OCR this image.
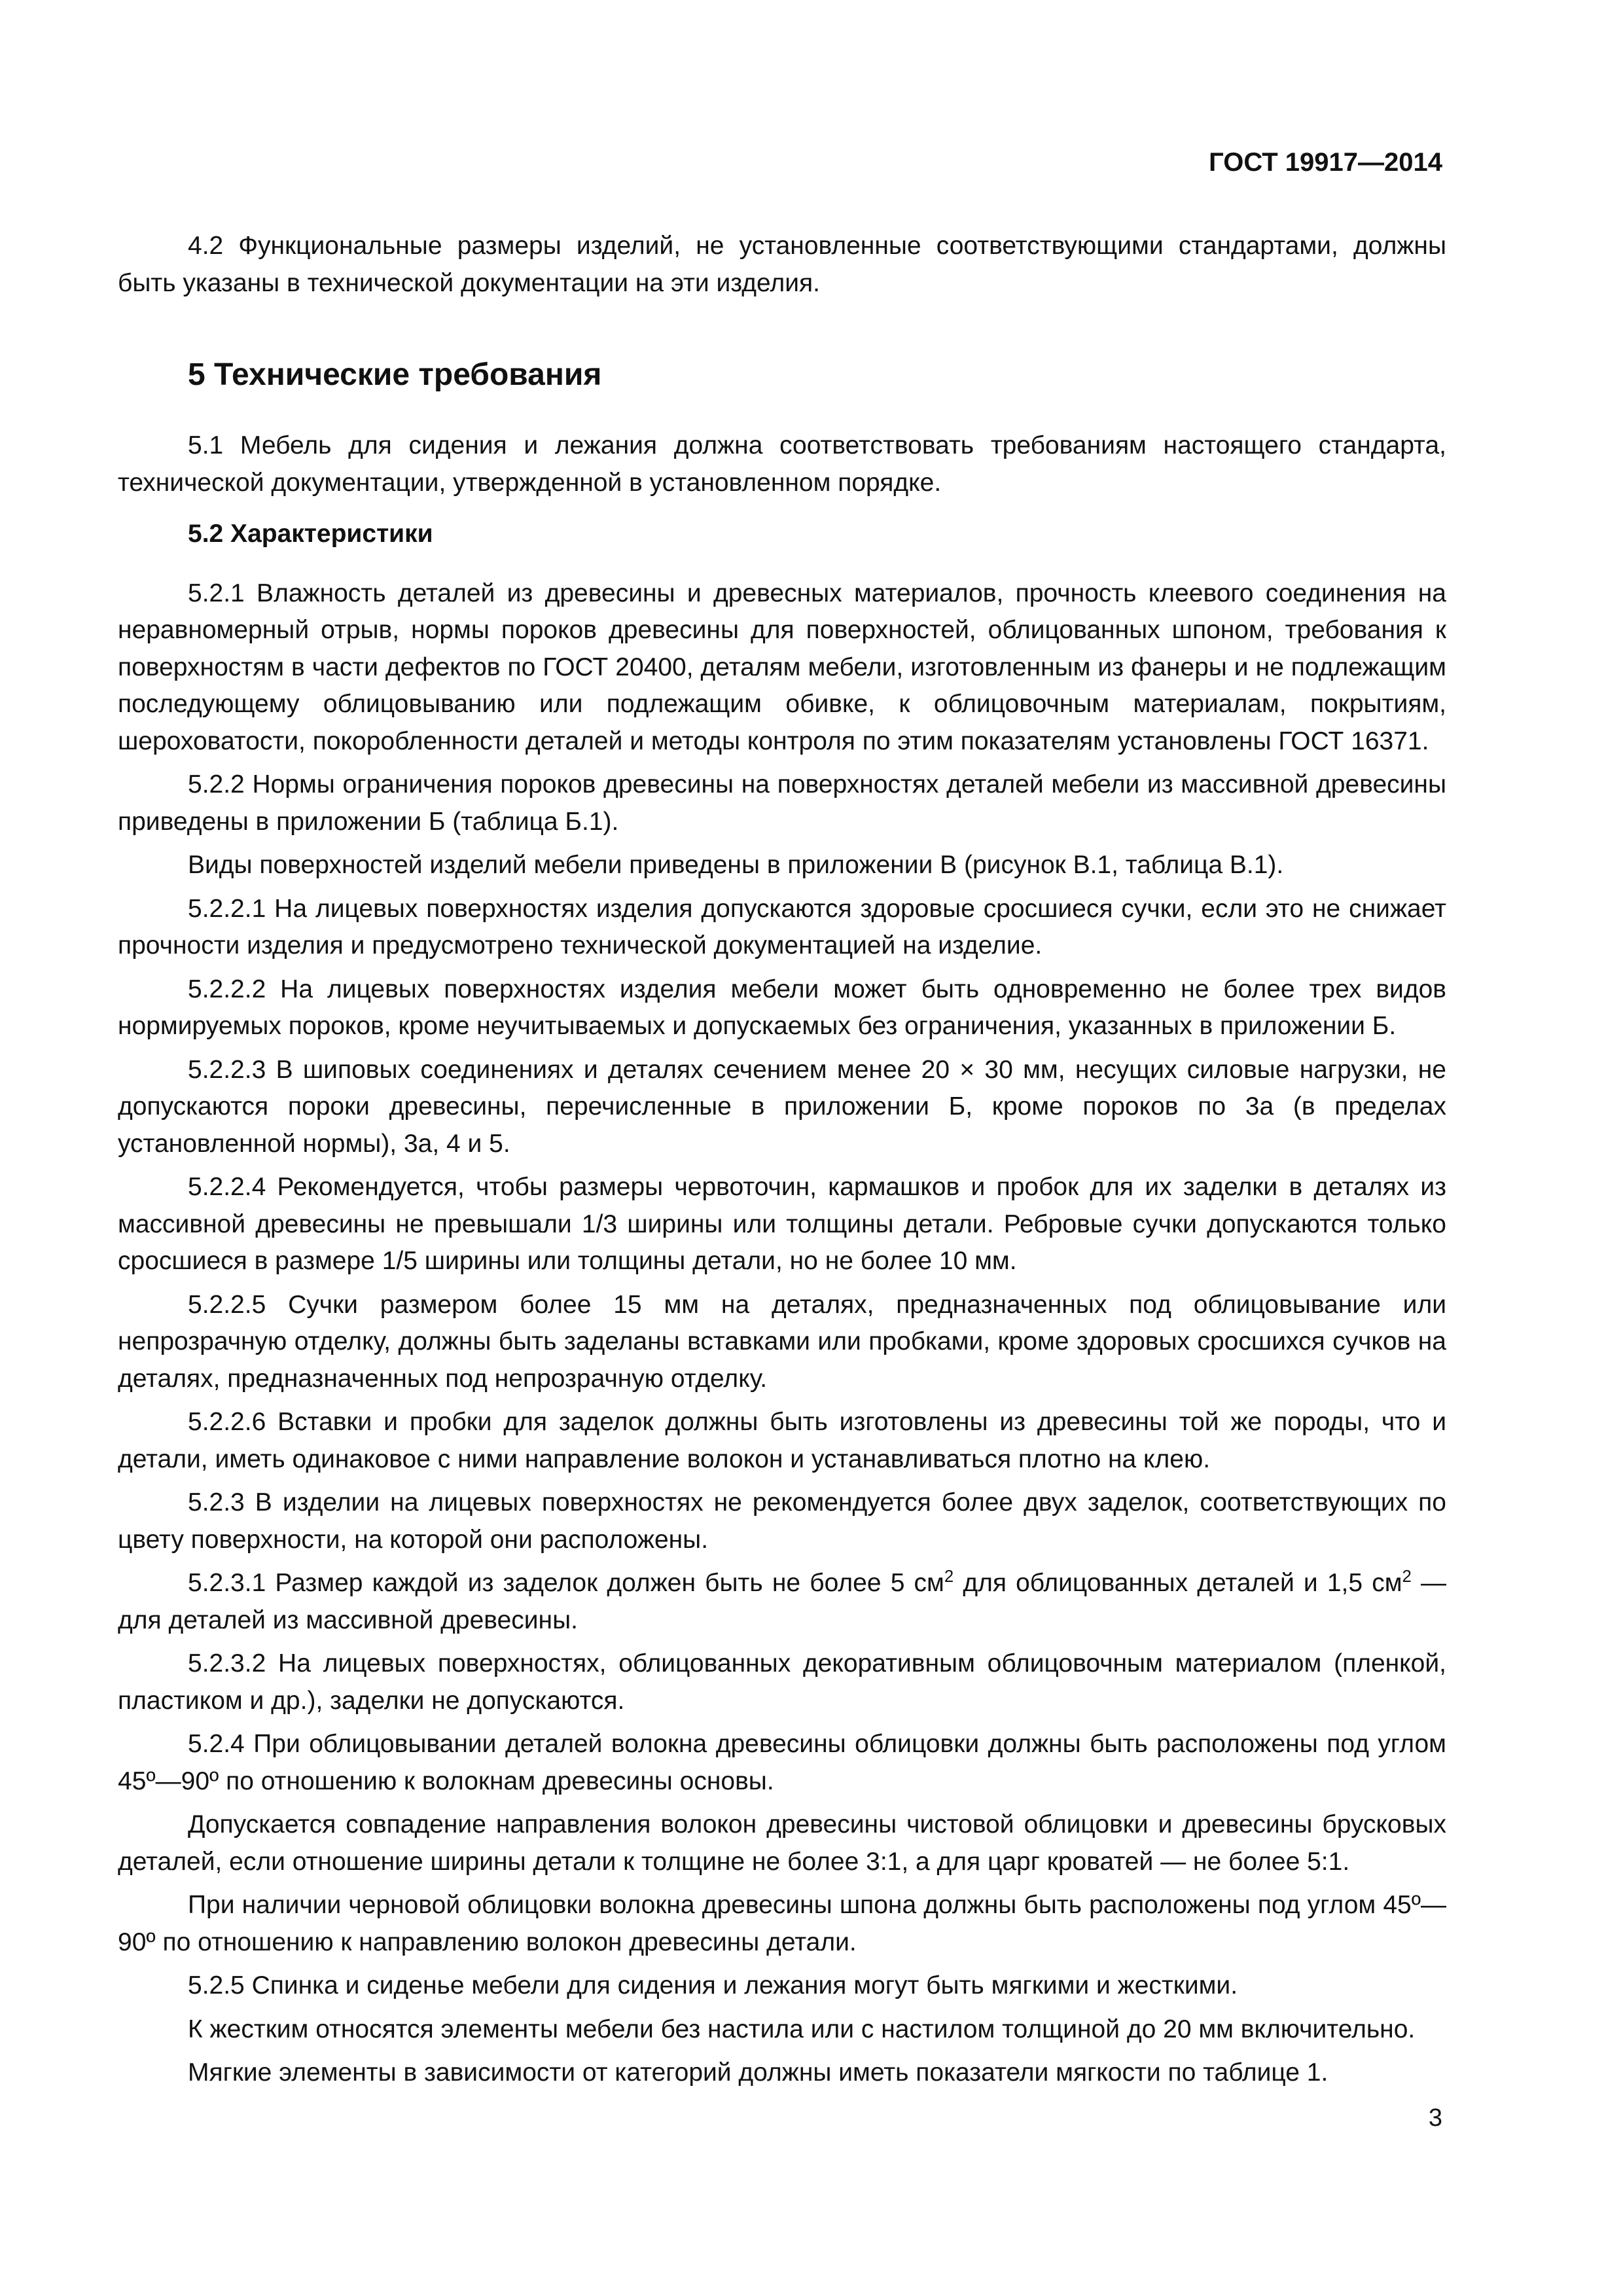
ГОСТ 19917—2014

4.2 Функциональные размеры изделий, не установленные соответствующими стандартами, должны быть указаны в технической документации на эти изделия.

5 Технические требования

5.1 Мебель для сидения и лежания должна соответствовать требованиям настоящего стандарта, технической документации, утвержденной в установленном порядке.

5.2 Характеристики

5.2.1 Влажность деталей из древесины и древесных материалов, прочность клеевого соединения на неравномерный отрыв, нормы пороков древесины для поверхностей, облицованных шпоном, требования к поверхностям в части дефектов по ГОСТ 20400, деталям мебели, изготовленным из фанеры и не подлежащим последующему облицовыванию или подлежащим обивке, к облицовочным материалам, покрытиям, шероховатости, покоробленности деталей и методы контроля по этим показателям установлены ГОСТ 16371.

5.2.2 Нормы ограничения пороков древесины на поверхностях деталей мебели из массивной древесины приведены в приложении Б (таблица Б.1).

Виды поверхностей изделий мебели приведены в приложении В (рисунок В.1, таблица В.1).

5.2.2.1 На лицевых поверхностях изделия допускаются здоровые сросшиеся сучки, если это не снижает прочности изделия и предусмотрено технической документацией на изделие.

5.2.2.2 На лицевых поверхностях изделия мебели может быть одновременно не более трех видов нормируемых пороков, кроме неучитываемых и допускаемых без ограничения, указанных в приложении Б.

5.2.2.3 В шиповых соединениях и деталях сечением менее 20 × 30 мм, несущих силовые нагрузки, не допускаются пороки древесины, перечисленные в приложении Б, кроме пороков по 3а (в пределах установленной нормы), 3а, 4 и 5.

5.2.2.4 Рекомендуется, чтобы размеры червоточин, кармашков и пробок для их заделки в деталях из массивной древесины не превышали 1/3 ширины или толщины детали. Ребровые сучки допускаются только сросшиеся в размере 1/5 ширины или толщины детали, но не более 10 мм.

5.2.2.5 Сучки размером более 15 мм на деталях, предназначенных под облицовывание или непрозрачную отделку, должны быть заделаны вставками или пробками, кроме здоровых сросшихся сучков на деталях, предназначенных под непрозрачную отделку.

5.2.2.6 Вставки и пробки для заделок должны быть изготовлены из древесины той же породы, что и детали, иметь одинаковое с ними направление волокон и устанавливаться плотно на клею.

5.2.3 В изделии на лицевых поверхностях не рекомендуется более двух заделок, соответствующих по цвету поверхности, на которой они расположены.

5.2.3.1 Размер каждой из заделок должен быть не более 5 $см^2$ для облицованных деталей и 1,5 $см^2$ — для деталей из массивной древесины.

5.2.3.2 На лицевых поверхностях, облицованных декоративным облицовочным материалом (пленкой, пластиком и др.), заделки не допускаются.

5.2.4 При облицовывании деталей волокна древесины облицовки должны быть расположены под углом 45º—90º по отношению к волокнам древесины основы.

Допускается совпадение направления волокон древесины чистовой облицовки и древесины брусковых деталей, если отношение ширины детали к толщине не более 3:1, а для царг кроватей — не более 5:1.

При наличии черновой облицовки волокна древесины шпона должны быть расположены под углом 45º—90º по отношению к направлению волокон древесины детали.

5.2.5 Спинка и сиденье мебели для сидения и лежания могут быть мягкими и жесткими.

К жестким относятся элементы мебели без настила или с настилом толщиной до 20 мм включительно.

Мягкие элементы в зависимости от категорий должны иметь показатели мягкости по таблице 1.

3
